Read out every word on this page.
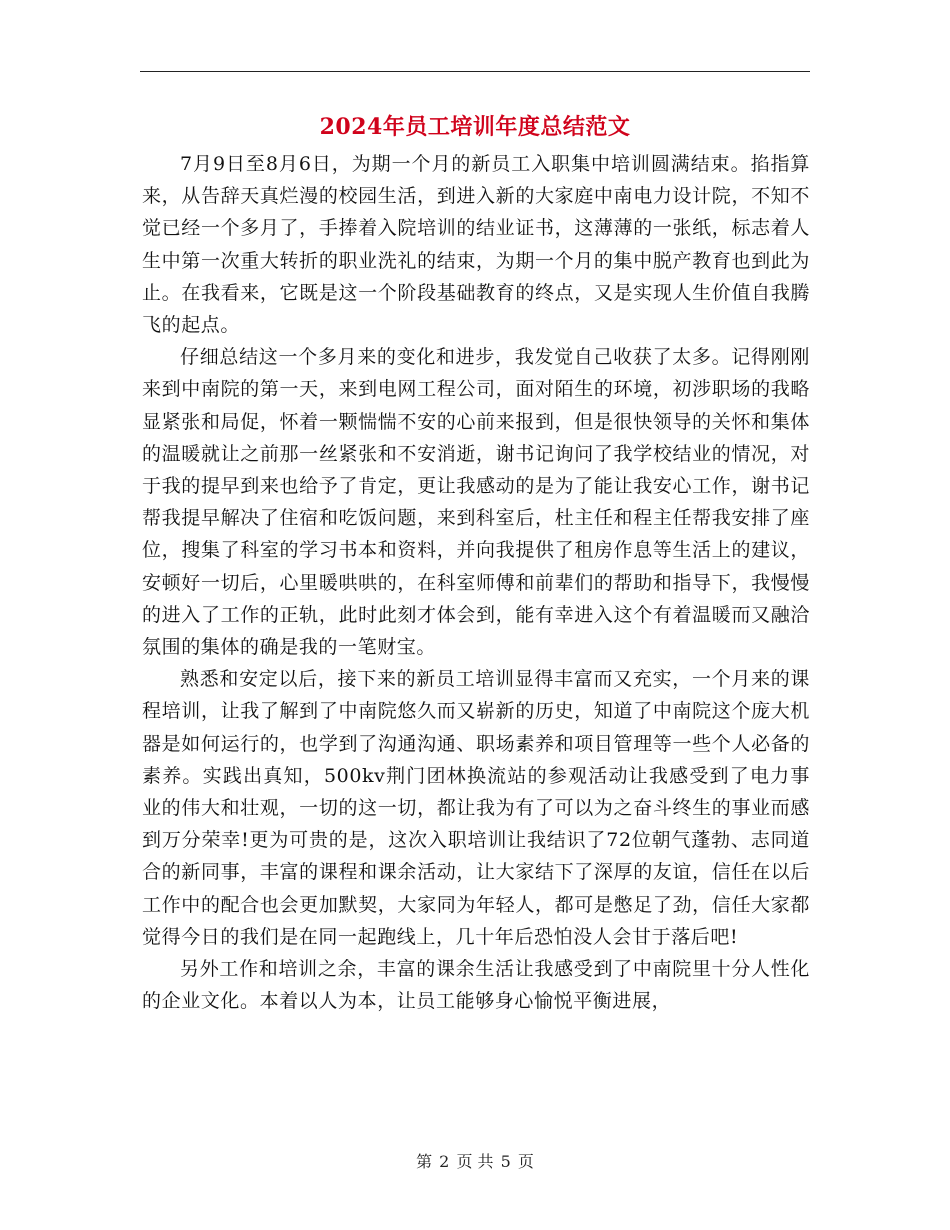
2024年员工培训年度总结范文

7月9日至8月6日，为期一个月的新员工入职集中培训圆满结束。掐指算来，从告辞天真烂漫的校园生活，到进入新的大家庭中南电力设计院，不知不觉已经一个多月了，手捧着入院培训的结业证书，这薄薄的一张纸，标志着人生中第一次重大转折的职业洗礼的结束，为期一个月的集中脱产教育也到此为止。在我看来，它既是这一个阶段基础教育的终点，又是实现人生价值自我腾飞的起点。

仔细总结这一个多月来的变化和进步，我发觉自己收获了太多。记得刚刚来到中南院的第一天，来到电网工程公司，面对陌生的环境，初涉职场的我略显紧张和局促，怀着一颗惴惴不安的心前来报到，但是很快领导的关怀和集体的温暖就让之前那一丝紧张和不安消逝，谢书记询问了我学校结业的情况，对于我的提早到来也给予了肯定，更让我感动的是为了能让我安心工作，谢书记帮我提早解决了住宿和吃饭问题，来到科室后，杜主任和程主任帮我安排了座位，搜集了科室的学习书本和资料，并向我提供了租房作息等生活上的建议，安顿好一切后，心里暖哄哄的，在科室师傅和前辈们的帮助和指导下，我慢慢的进入了工作的正轨，此时此刻才体会到，能有幸进入这个有着温暖而又融洽氛围的集体的确是我的一笔财宝。

熟悉和安定以后，接下来的新员工培训显得丰富而又充实，一个月来的课程培训，让我了解到了中南院悠久而又崭新的历史，知道了中南院这个庞大机器是如何运行的，也学到了沟通沟通、职场素养和项目管理等一些个人必备的素养。实践出真知，500kv荆门团林换流站的参观活动让我感受到了电力事业的伟大和壮观，一切的这一切，都让我为有了可以为之奋斗终生的事业而感到万分荣幸!更为可贵的是，这次入职培训让我结识了72位朝气蓬勃、志同道合的新同事，丰富的课程和课余活动，让大家结下了深厚的友谊，信任在以后工作中的配合也会更加默契，大家同为年轻人，都可是憋足了劲，信任大家都觉得今日的我们是在同一起跑线上，几十年后恐怕没人会甘于落后吧!

另外工作和培训之余，丰富的课余生活让我感受到了中南院里十分人性化的企业文化。本着以人为本，让员工能够身心愉悦平衡进展，

第 2 页 共 5 页
